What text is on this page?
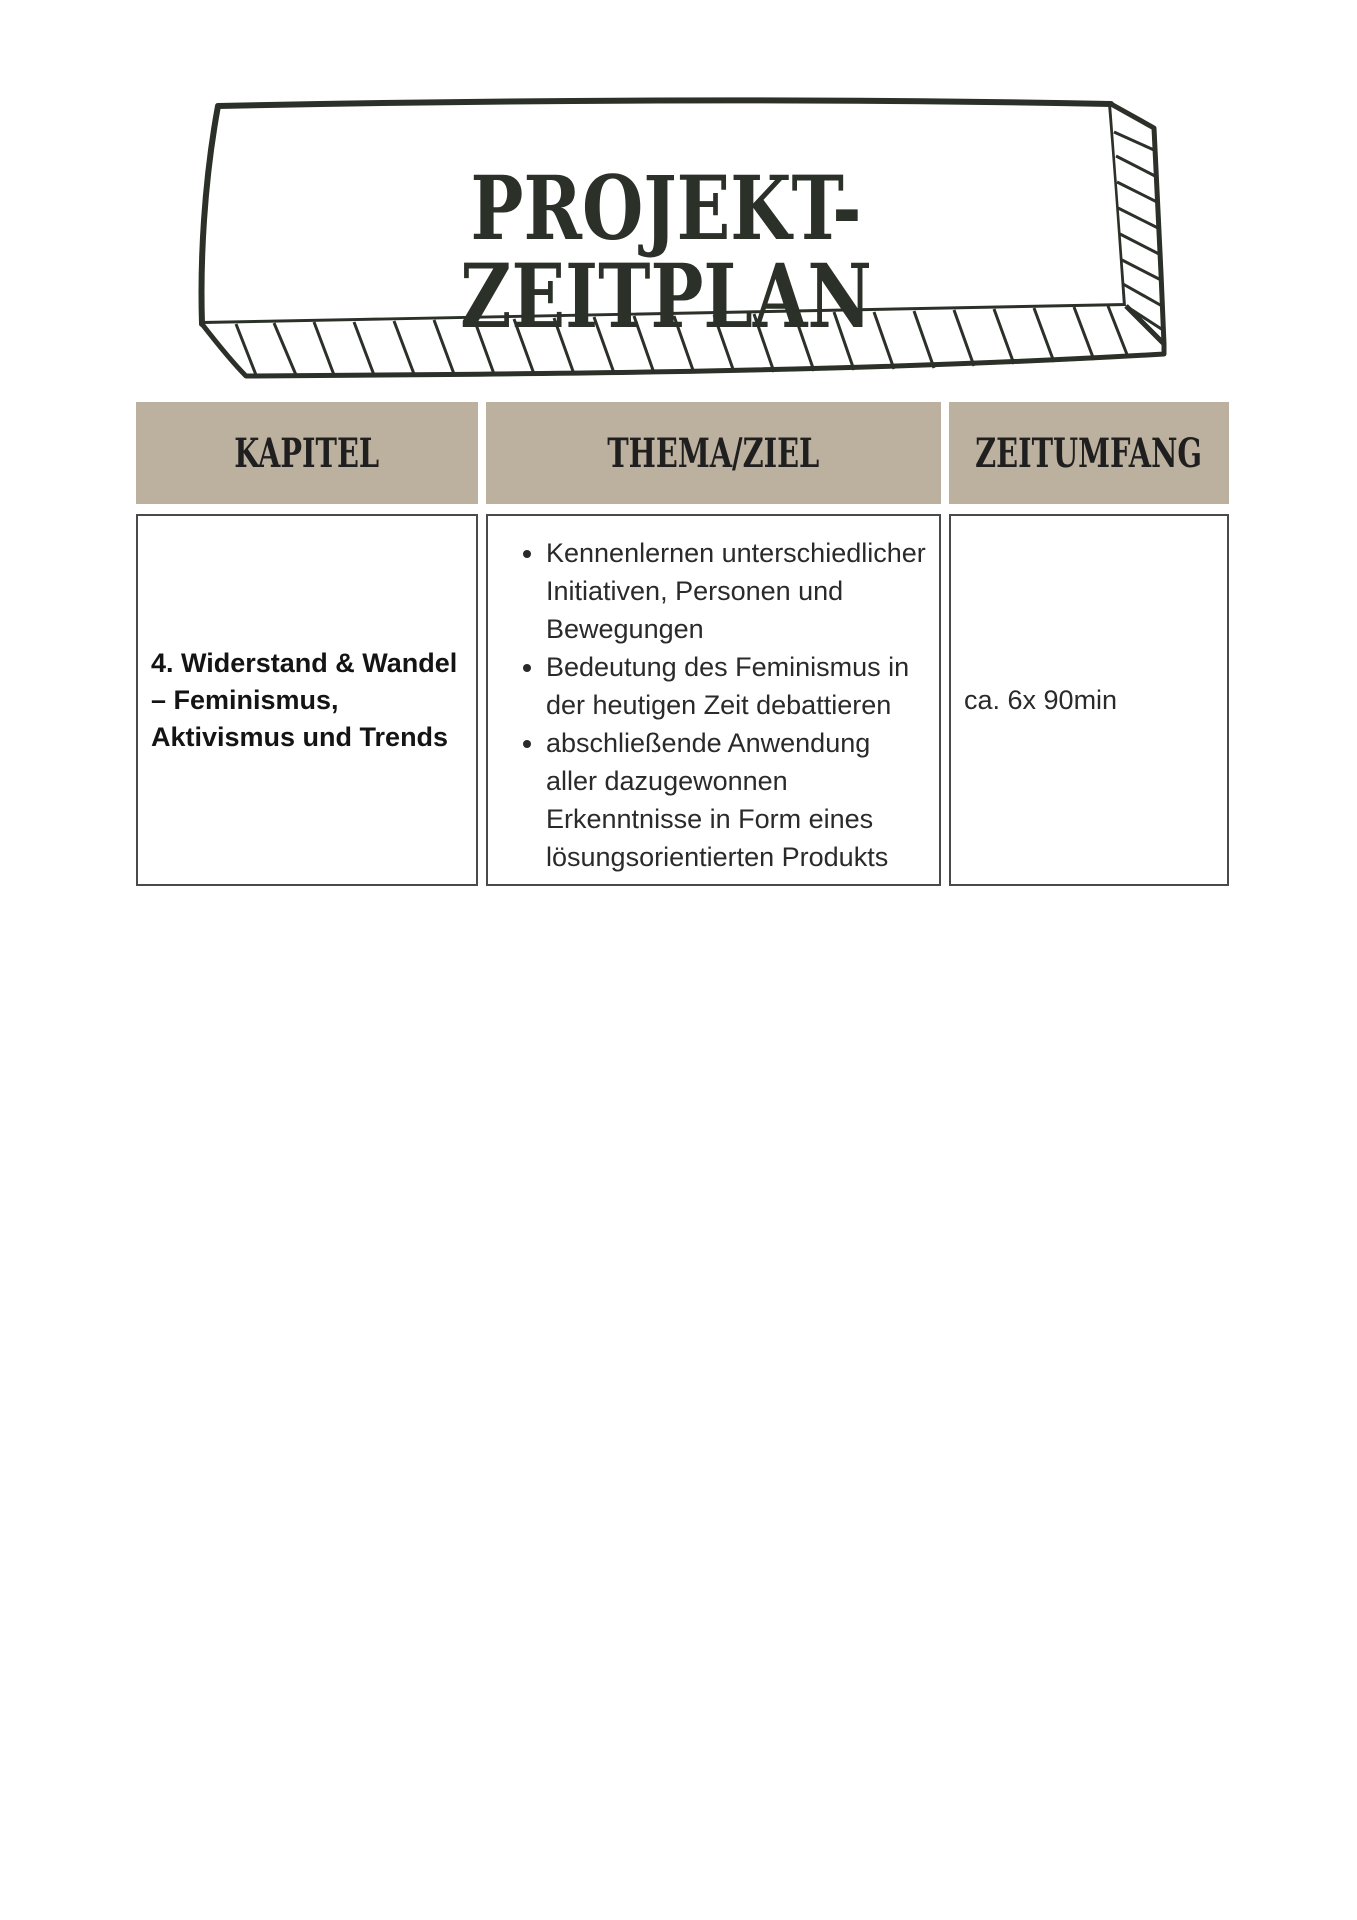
PROJEKT-ZEITPLAN
KAPITEL	THEMA/ZIEL	ZEITUMFANG
4. Widerstand & Wandel – Feminismus, Aktivismus und Trends
• Kennenlernen unterschiedlicher Initiativen, Personen und Bewegungen
• Bedeutung des Feminismus in der heutigen Zeit debattieren
• abschließende Anwendung aller dazugewonnen Erkenntnisse in Form eines lösungsorientierten Produkts
ca. 6x 90min
